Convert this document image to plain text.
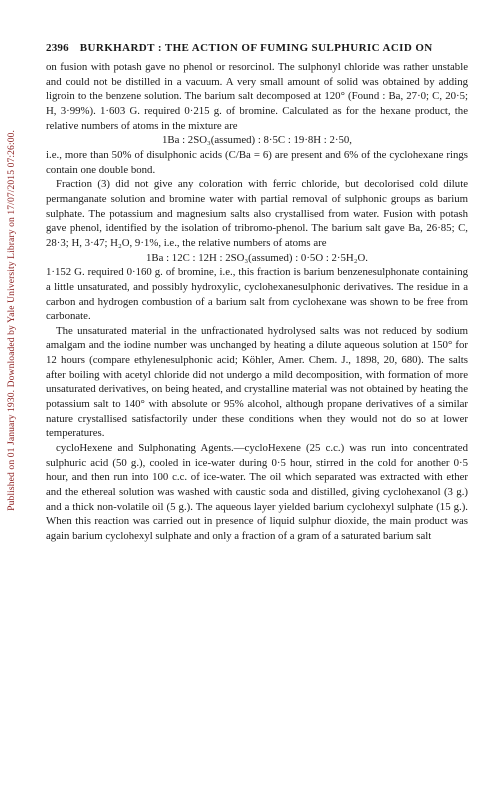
Published on 01 January 1930. Downloaded by Yale University Library on 17/07/2015 07:26:00.
2396 BURKHARDT : THE ACTION OF FUMING SULPHURIC ACID ON

on fusion with potash gave no phenol or resorcinol. The sulphonyl chloride was rather unstable and could not be distilled in a vacuum. A very small amount of solid was obtained by adding ligroin to the benzene solution. The barium salt decomposed at 120° (Found : Ba, 27·0; C, 20·5; H, 3·99%). 1·603 G. required 0·215 g. of bromine. Calculated as for the hexane product, the relative numbers of atoms in the mixture are

1Ba : 2SO₃(assumed) : 8·5C : 19·8H : 2·50,

i.e., more than 50% of disulphonic acids (C/Ba = 6) are present and 6% of the cyclohexane rings contain one double bond.

Fraction (3) did not give any coloration with ferric chloride, but decolorised cold dilute permanganate solution and bromine water with partial removal of sulphonic groups as barium sulphate. The potassium and magnesium salts also crystallised from water. Fusion with potash gave phenol, identified by the isolation of tribromo-phenol. The barium salt gave Ba, 26·85; C, 28·3; H, 3·47; H₂O, 9·1%, i.e., the relative numbers of atoms are

1Ba : 12C : 12H : 2SO₃(assumed) : 0·5O : 2·5H₂O.

1·152 G. required 0·160 g. of bromine, i.e., this fraction is barium benzenesulphonate containing a little unsaturated, and possibly hydroxylic, cyclohexanesulphonic derivatives. The residue in a carbon and hydrogen combustion of a barium salt from cyclohexane was shown to be free from carbonate.

The unsaturated material in the unfractionated hydrolysed salts was not reduced by sodium amalgam and the iodine number was unchanged by heating a dilute aqueous solution at 150° for 12 hours (compare ethylenesulphonic acid; Köhler, Amer. Chem. J., 1898, 20, 680). The salts after boiling with acetyl chloride did not undergo a mild decomposition, with formation of more unsaturated derivatives, on being heated, and crystalline material was not obtained by heating the potassium salt to 140° with absolute or 95% alcohol, although propane derivatives of a similar nature crystallised satisfactorily under these conditions when they would not do so at lower temperatures.

cycloHexene and Sulphonating Agents.—cycloHexene (25 c.c.) was run into concentrated sulphuric acid (50 g.), cooled in ice-water during 0·5 hour, stirred in the cold for another 0·5 hour, and then run into 100 c.c. of ice-water. The oil which separated was extracted with ether and the ethereal solution was washed with caustic soda and distilled, giving cyclohexanol (3 g.) and a thick non-volatile oil (5 g.). The aqueous layer yielded barium cyclohexyl sulphate (15 g.). When this reaction was carried out in presence of liquid sulphur dioxide, the main product was again barium cyclohexyl sulphate and only a fraction of a gram of a saturated barium salt
